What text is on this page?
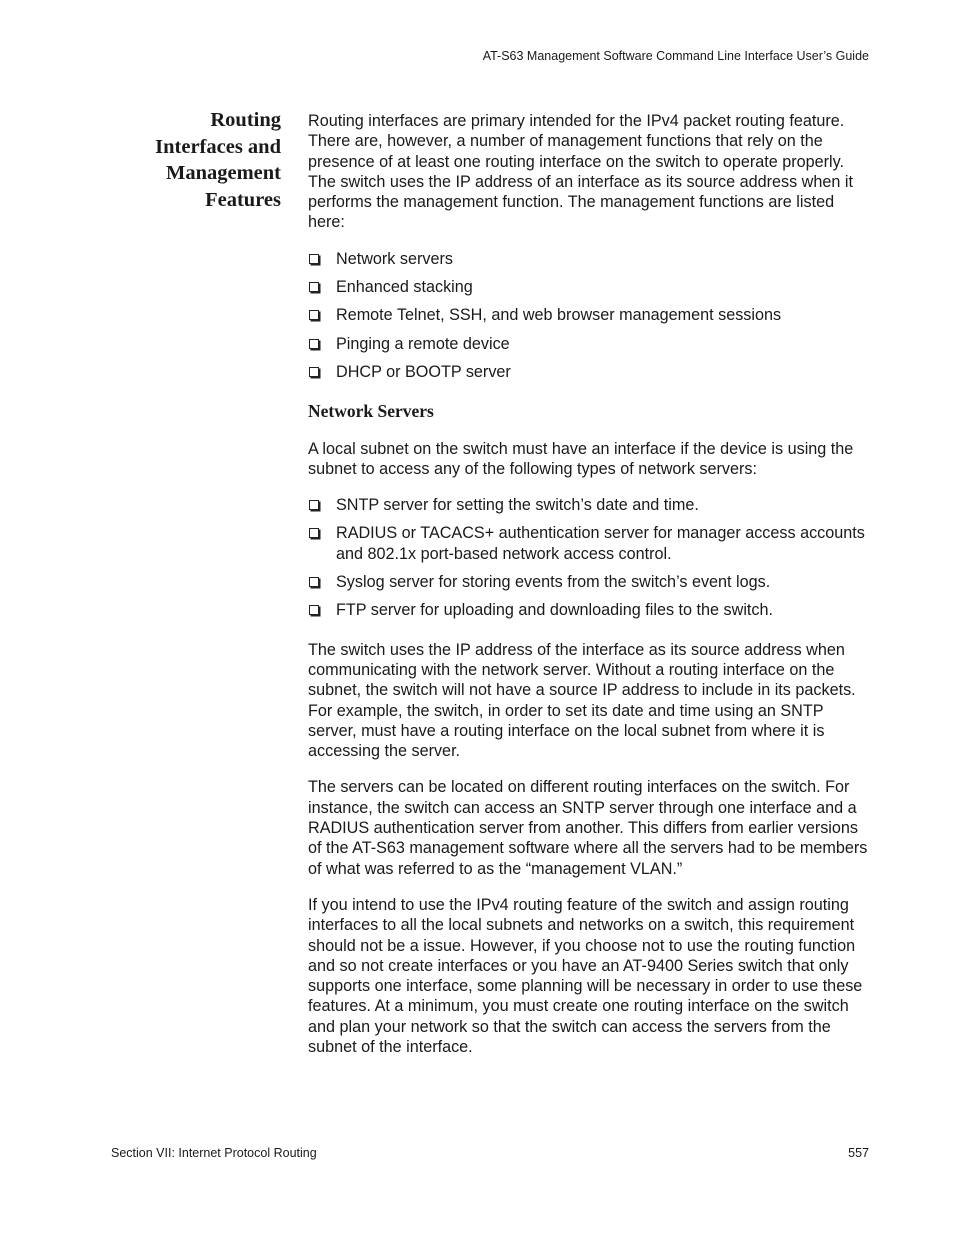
AT-S63 Management Software Command Line Interface User’s Guide
Routing
Interfaces and
Management
Features

Routing interfaces are primary intended for the IPv4 packet routing feature. There are, however, a number of management functions that rely on the presence of at least one routing interface on the switch to operate properly. The switch uses the IP address of an interface as its source address when it performs the management function. The management functions are listed here:

Network servers
Enhanced stacking
Remote Telnet, SSH, and web browser management sessions
Pinging a remote device
DHCP or BOOTP server
Network Servers

A local subnet on the switch must have an interface if the device is using the subnet to access any of the following types of network servers:

SNTP server for setting the switch’s date and time.
RADIUS or TACACS+ authentication server for manager access accounts and 802.1x port-based network access control.
Syslog server for storing events from the switch’s event logs.
FTP server for uploading and downloading files to the switch.

The switch uses the IP address of the interface as its source address when communicating with the network server. Without a routing interface on the subnet, the switch will not have a source IP address to include in its packets. For example, the switch, in order to set its date and time using an SNTP server, must have a routing interface on the local subnet from where it is accessing the server.

The servers can be located on different routing interfaces on the switch. For instance, the switch can access an SNTP server through one interface and a RADIUS authentication server from another. This differs from earlier versions of the AT-S63 management software where all the servers had to be members of what was referred to as the “management VLAN.”

If you intend to use the IPv4 routing feature of the switch and assign routing interfaces to all the local subnets and networks on a switch, this requirement should not be a issue. However, if you choose not to use the routing function and so not create interfaces or you have an AT-9400 Series switch that only supports one interface, some planning will be necessary in order to use these features. At a minimum, you must create one routing interface on the switch and plan your network so that the switch can access the servers from the subnet of the interface.

Section VII: Internet Protocol Routing	557
